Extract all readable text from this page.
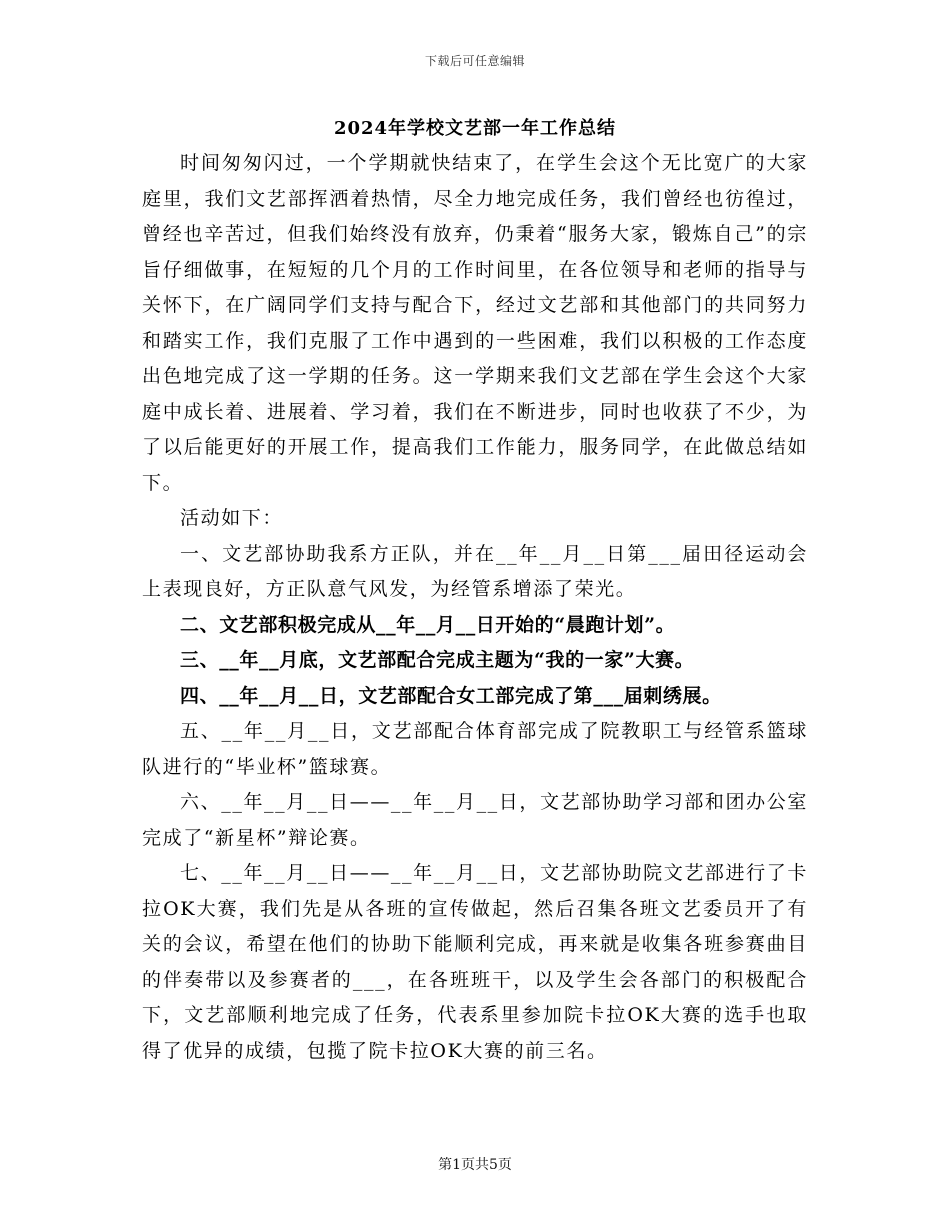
下载后可任意编辑
2024年学校文艺部一年工作总结

时间匆匆闪过，一个学期就快结束了，在学生会这个无比宽广的大家庭里，我们文艺部挥洒着热情，尽全力地完成任务，我们曾经也彷徨过，曾经也辛苦过，但我们始终没有放弃，仍秉着“服务大家，锻炼自己”的宗旨仔细做事，在短短的几个月的工作时间里，在各位领导和老师的指导与关怀下，在广阔同学们支持与配合下，经过文艺部和其他部门的共同努力和踏实工作，我们克服了工作中遇到的一些困难，我们以积极的工作态度出色地完成了这一学期的任务。这一学期来我们文艺部在学生会这个大家庭中成长着、进展着、学习着，我们在不断进步，同时也收获了不少，为了以后能更好的开展工作，提高我们工作能力，服务同学，在此做总结如下。

活动如下：

一、文艺部协助我系方正队，并在__年__月__日第___届田径运动会上表现良好，方正队意气风发，为经管系增添了荣光。

二、文艺部积极完成从__年__月__日开始的“晨跑计划”。

三、__年__月底，文艺部配合完成主题为“我的一家”大赛。

四、__年__月__日，文艺部配合女工部完成了第___届刺绣展。

五、__年__月__日，文艺部配合体育部完成了院教职工与经管系篮球队进行的“毕业杯”篮球赛。

六、__年__月__日——__年__月__日，文艺部协助学习部和团办公室完成了“新星杯”辩论赛。

七、__年__月__日——__年__月__日，文艺部协助院文艺部进行了卡拉OK大赛，我们先是从各班的宣传做起，然后召集各班文艺委员开了有关的会议，希望在他们的协助下能顺利完成，再来就是收集各班参赛曲目的伴奏带以及参赛者的___，在各班班干，以及学生会各部门的积极配合下，文艺部顺利地完成了任务，代表系里参加院卡拉OK大赛的选手也取得了优异的成绩，包揽了院卡拉OK大赛的前三名。

第1页共5页
